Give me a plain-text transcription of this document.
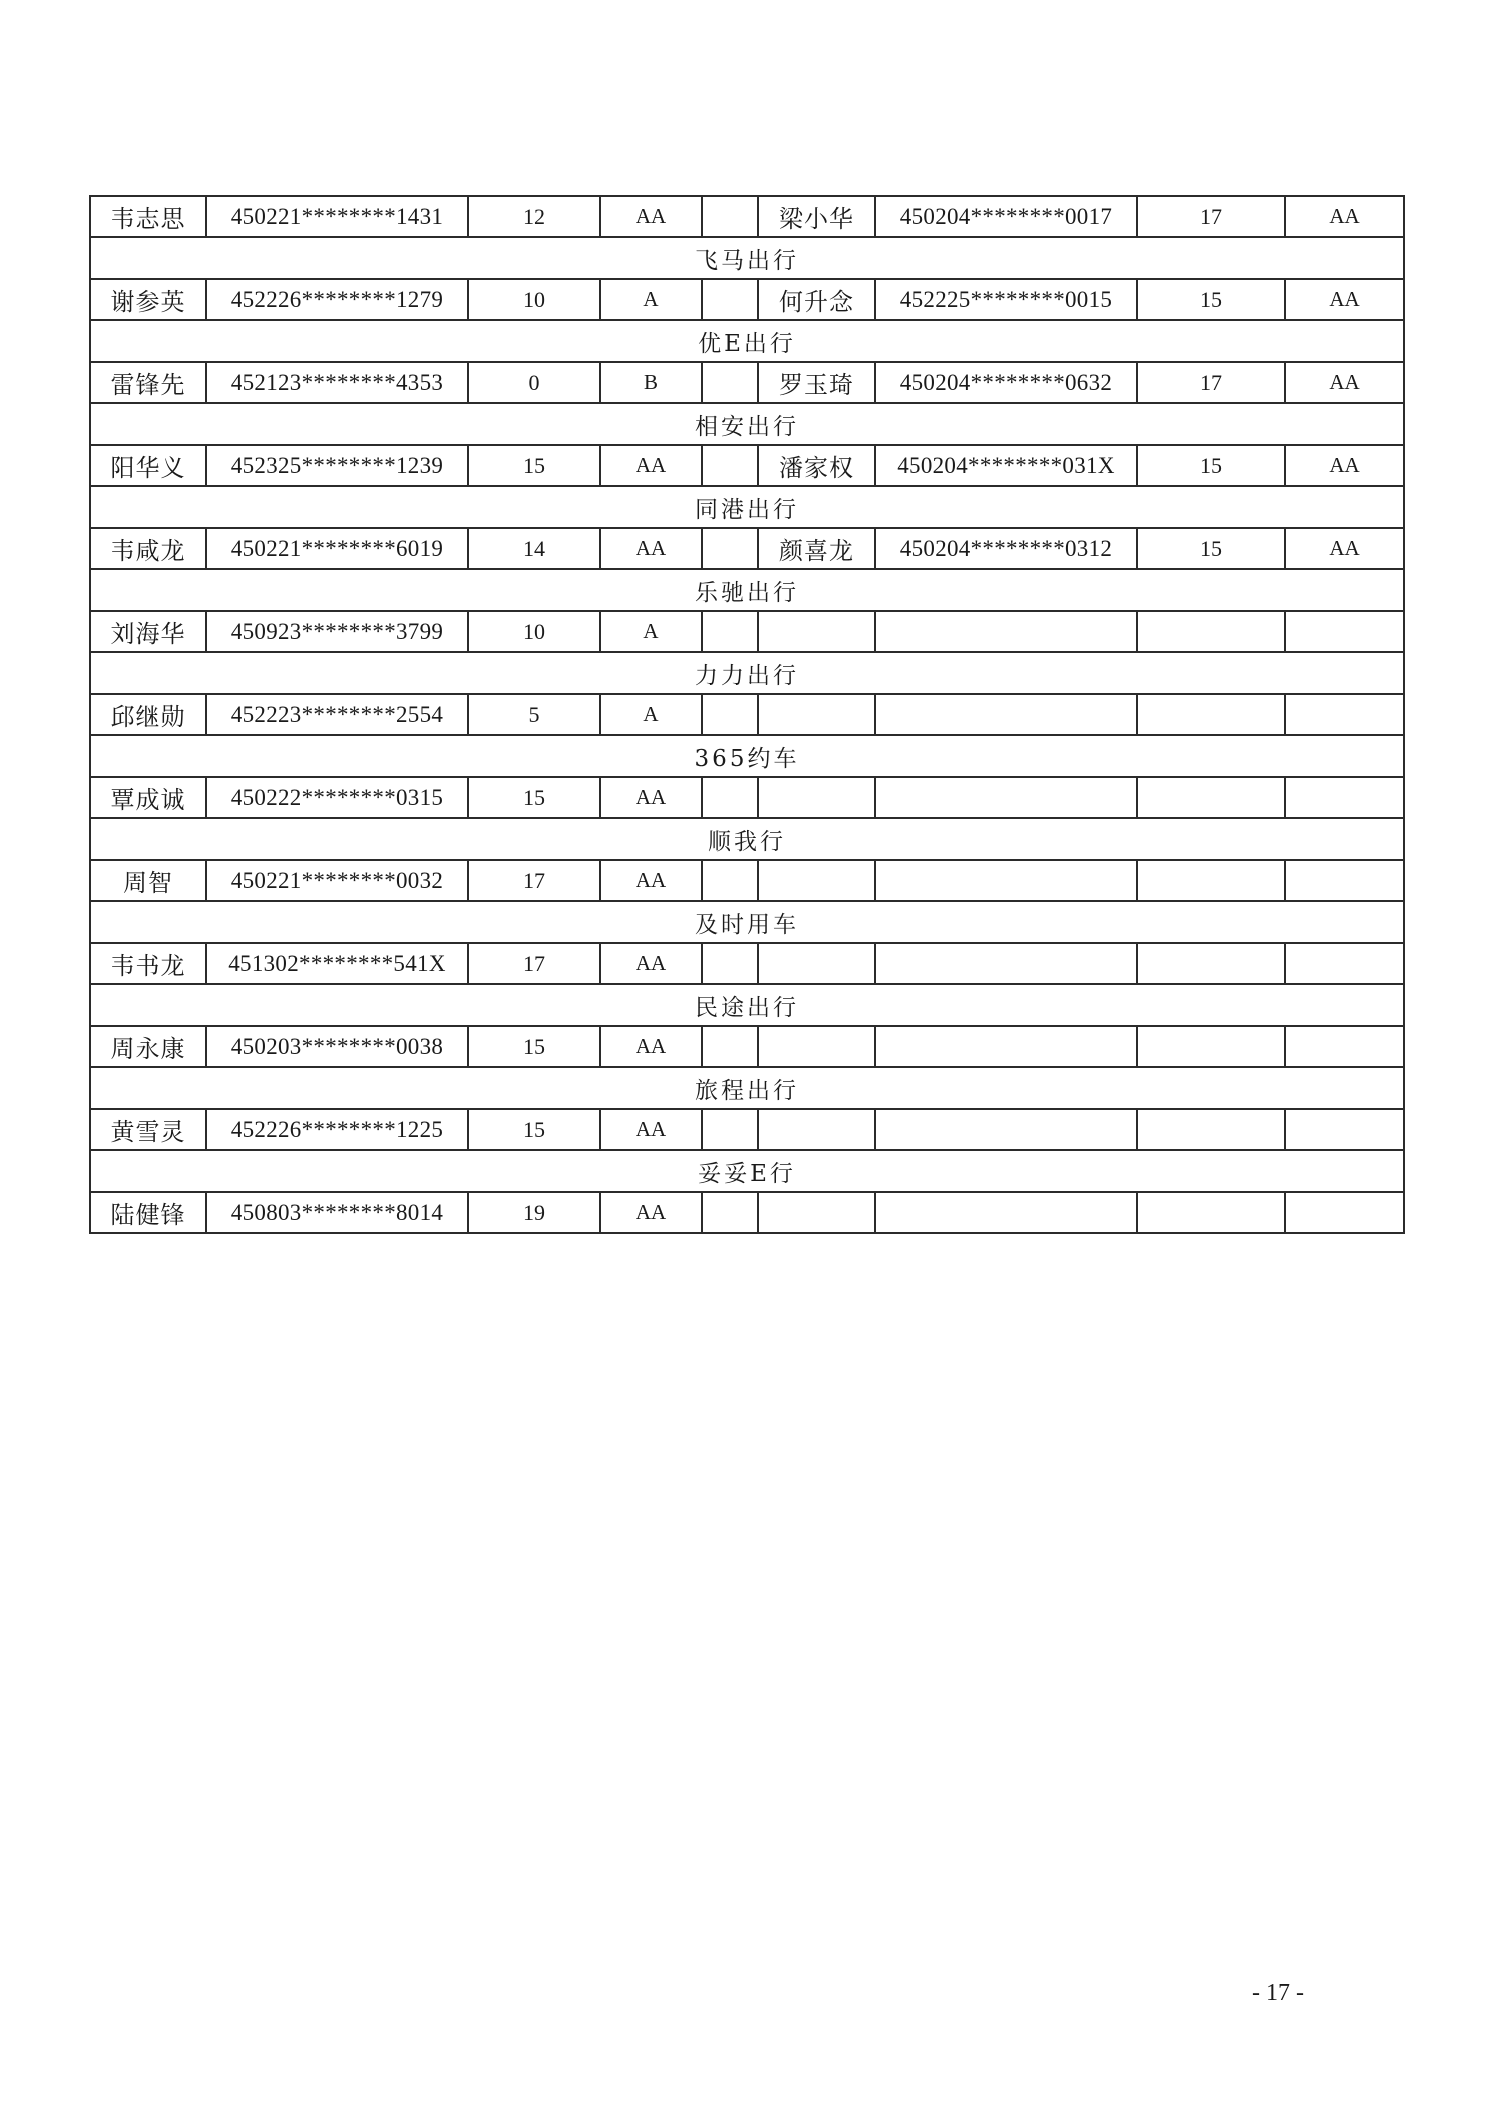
韦志思	450221********1431	12	AA		梁小华	450204********0017	17	AA
飞马出行								
谢参英	452226********1279	10	A		何升念	452225********0015	15	AA
优E出行								
雷锋先	452123********4353	0	B		罗玉琦	450204********0632	17	AA
相安出行								
阳华义	452325********1239	15	AA		潘家权	450204********031X	15	AA
同港出行								
韦咸龙	450221********6019	14	AA		颜喜龙	450204********0312	15	AA
乐驰出行								
刘海华	450923********3799	10	A					
力力出行								
邱继勋	452223********2554	5	A					
365约车								
覃成诚	450222********0315	15	AA					
顺我行								
周智	450221********0032	17	AA					
及时用车								
韦书龙	451302********541X	17	AA					
民途出行								
周永康	450203********0038	15	AA					
旅程出行								
黄雪灵	452226********1225	15	AA					
妥妥E行								
陆健锋	450803********8014	19	AA					
- 17 -
